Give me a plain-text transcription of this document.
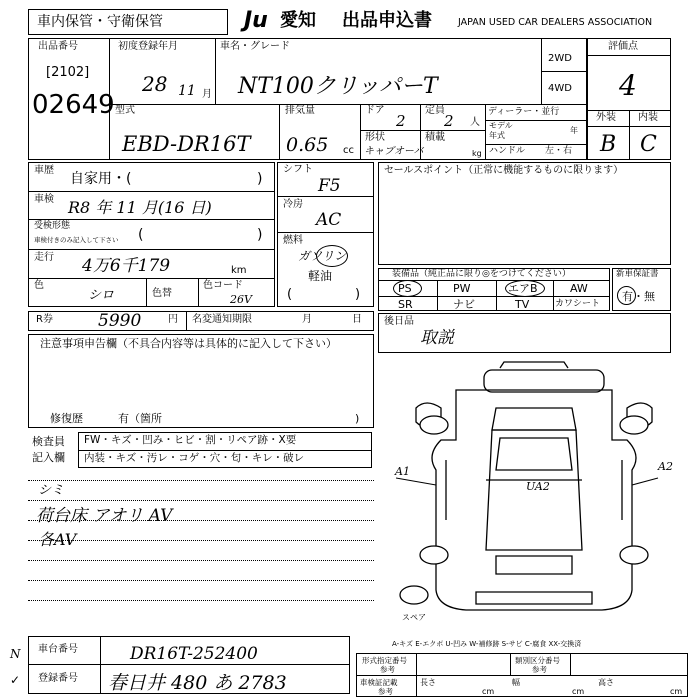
車内保管・守衛保管	Ju 愛知 出品申込書	JAPAN USED CAR DEALERS ASSOCIATION
出品番号
[2102]
02649
初度登録年月
28 11 月
車名・グレード
NT100クリッパーT
2WD
4WD
型式
EBD-DR16T
排気量
0.65 cc
ドア
2
定員
2 人
形状
キャブオーバ
積載
kg
ディーラー・並行
モデル
年式
年
ハンドル 左・右
評価点
4
外装 内装
B C
車歴
自家用・(	)
車検 R8 年 11 月(16 日)
受検形態
車検付きのみ記入して下さい (	)
走行 4万6千179	km
色
シロ	色替
色コード
26V
シフト
F5
冷房
AC
燃料
ガソリン
軽油
(	)
セールスポイント（正常に機能するものに限ります）
装備品（純正品に限り◎をつけてください）
PS	PW	エアB	AW
SR	ナビ	TV	カワシート
新車保証書
有・無
R券	5990	円 名変通知期限	月	日 後日品
取説
注意事項申告欄（不具合内容等は具体的に記入して下さい）
修復歴	有（箇所	)
検査員
記入欄
FW・キズ・凹み・ヒビ・割・リペア跡・X要
内装・キズ・汚レ・コゲ・穴・匂・キレ・破レ
シミ
荷台床 アオリ AV
各AV
UA2
A1	A2
スペア
A-キズ E-エクボ U-凹み W-補修跡 S-サビ C-腐食 XX-交換済
形式指定番号
参考
類別区分番号
参考
車検証記載
参考
長さ
cm
幅
cm
高さ
cm
車台番号	DR16T-252400
登録番号 春日井 480 あ 2783
N
✓
